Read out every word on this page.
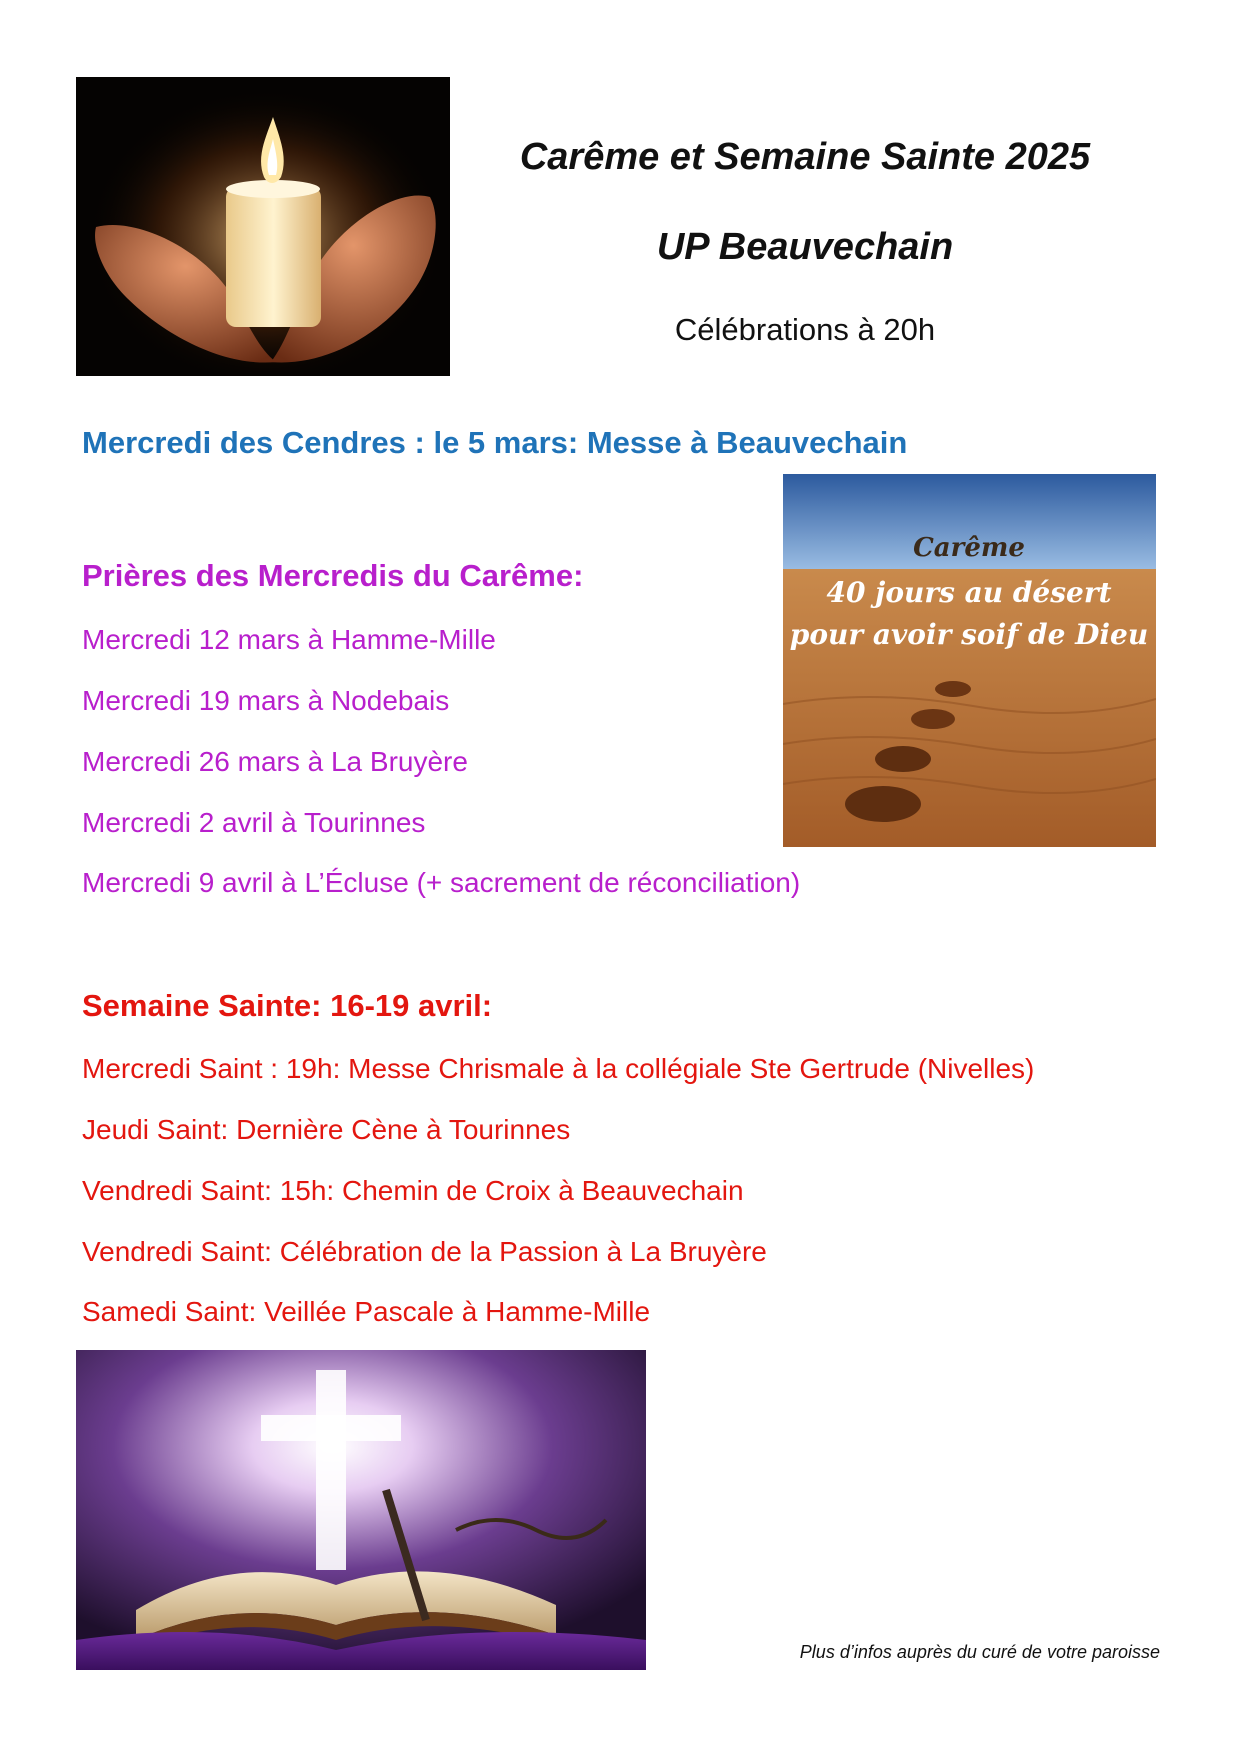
Carême et Semaine Sainte 2025

UP Beauvechain

Célébrations à 20h

Mercredi des Cendres : le 5 mars: Messe à Beauvechain

Carême
40 jours au désert
pour avoir soif de Dieu

Prières des Mercredis du Carême:

Mercredi 12 mars à Hamme-Mille

Mercredi 19 mars à Nodebais

Mercredi 26 mars à La Bruyère

Mercredi 2 avril à Tourinnes

Mercredi 9 avril à L’Écluse (+ sacrement de réconciliation)

Semaine Sainte: 16-19 avril:

Mercredi Saint : 19h: Messe Chrismale à la collégiale Ste Gertrude (Nivelles)

Jeudi Saint: Dernière Cène à Tourinnes

Vendredi Saint: 15h: Chemin de Croix à Beauvechain

Vendredi Saint: Célébration de la Passion à La Bruyère

Samedi Saint: Veillée Pascale à Hamme-Mille

Plus d’infos auprès du curé de votre paroisse
